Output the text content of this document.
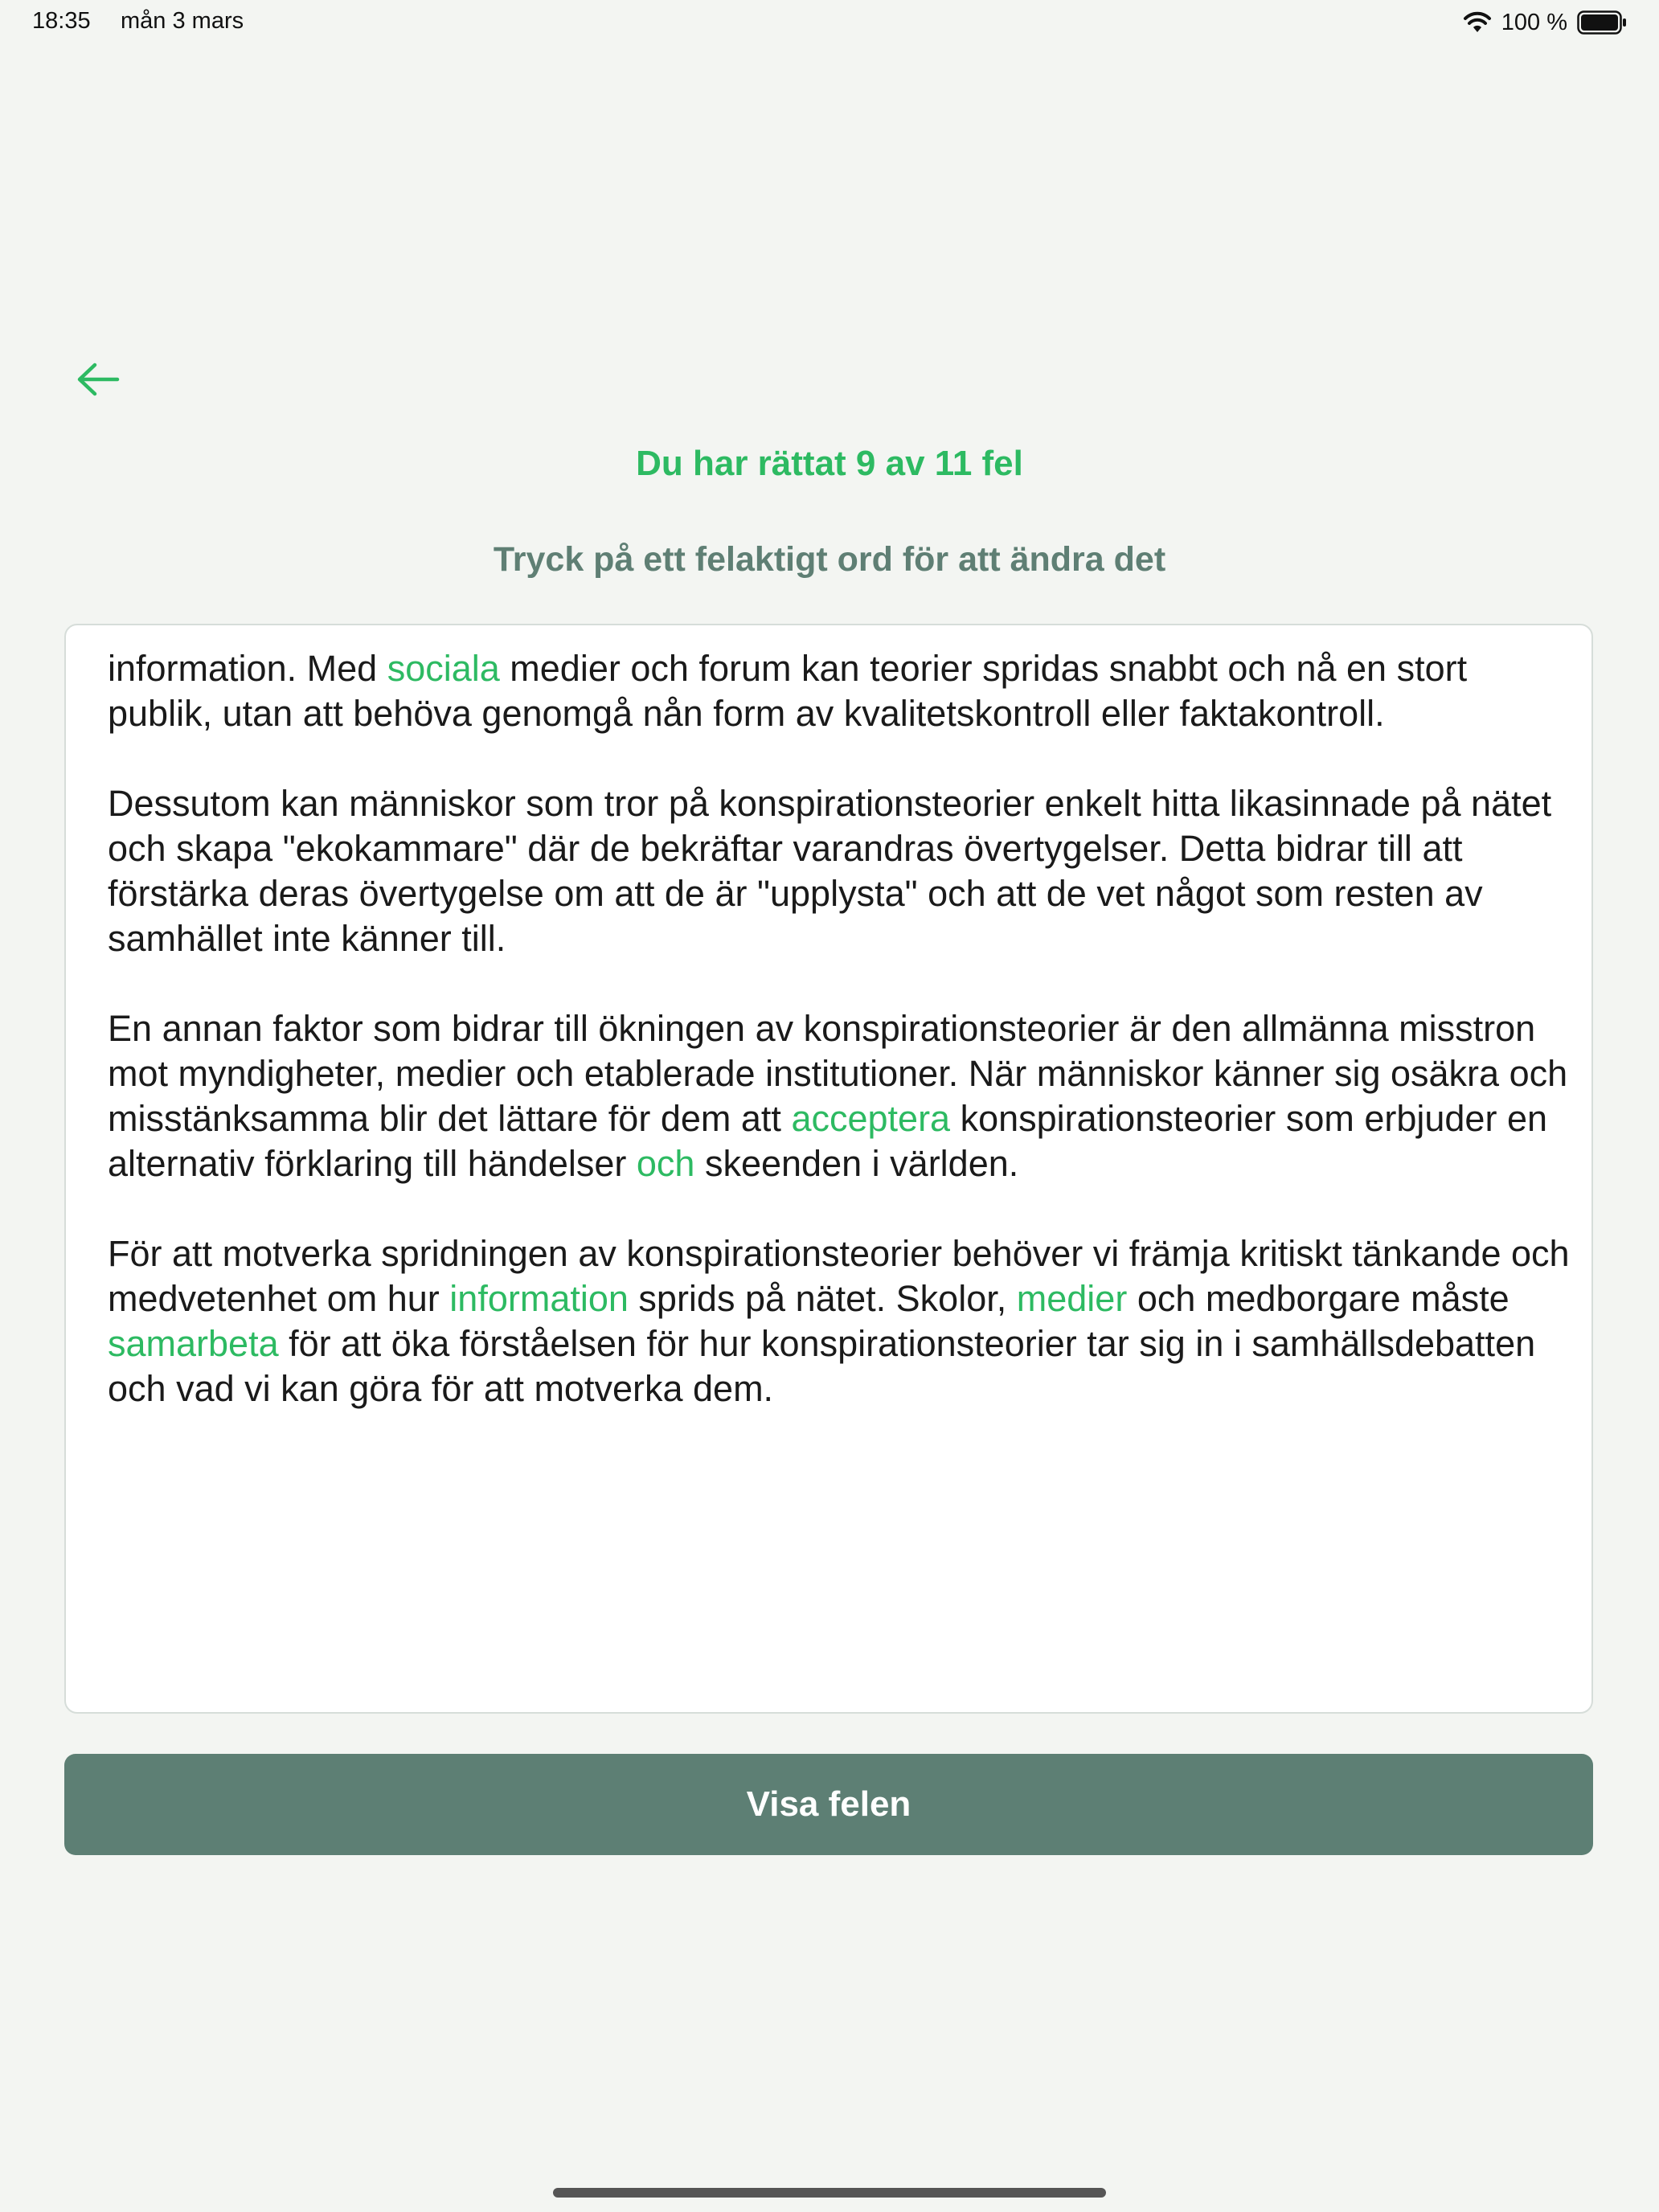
18:35 mån 3 mars	100 %
Du har rättat 9 av 11 fel
Tryck på ett felaktigt ord för att ändra det

information. Med sociala medier och forum kan teorier spridas snabbt och nå en stort publik, utan att behöva genomgå nån form av kvalitetskontroll eller faktakontroll.

Dessutom kan människor som tror på konspirationsteorier enkelt hitta likasinnade på nätet och skapa "ekokammare" där de bekräftar varandras övertygelser. Detta bidrar till att förstärka deras övertygelse om att de är "upplysta" och att de vet något som resten av samhället inte känner till.

En annan faktor som bidrar till ökningen av konspirationsteorier är den allmänna misstron mot myndigheter, medier och etablerade institutioner. När människor känner sig osäkra och misstänksamma blir det lättare för dem att acceptera konspirationsteorier som erbjuder en alternativ förklaring till händelser och skeenden i världen.

För att motverka spridningen av konspirationsteorier behöver vi främja kritiskt tänkande och medvetenhet om hur information sprids på nätet. Skolor, medier och medborgare måste samarbeta för att öka förståelsen för hur konspirationsteorier tar sig in i samhällsdebatten och vad vi kan göra för att motverka dem.

Visa felen
